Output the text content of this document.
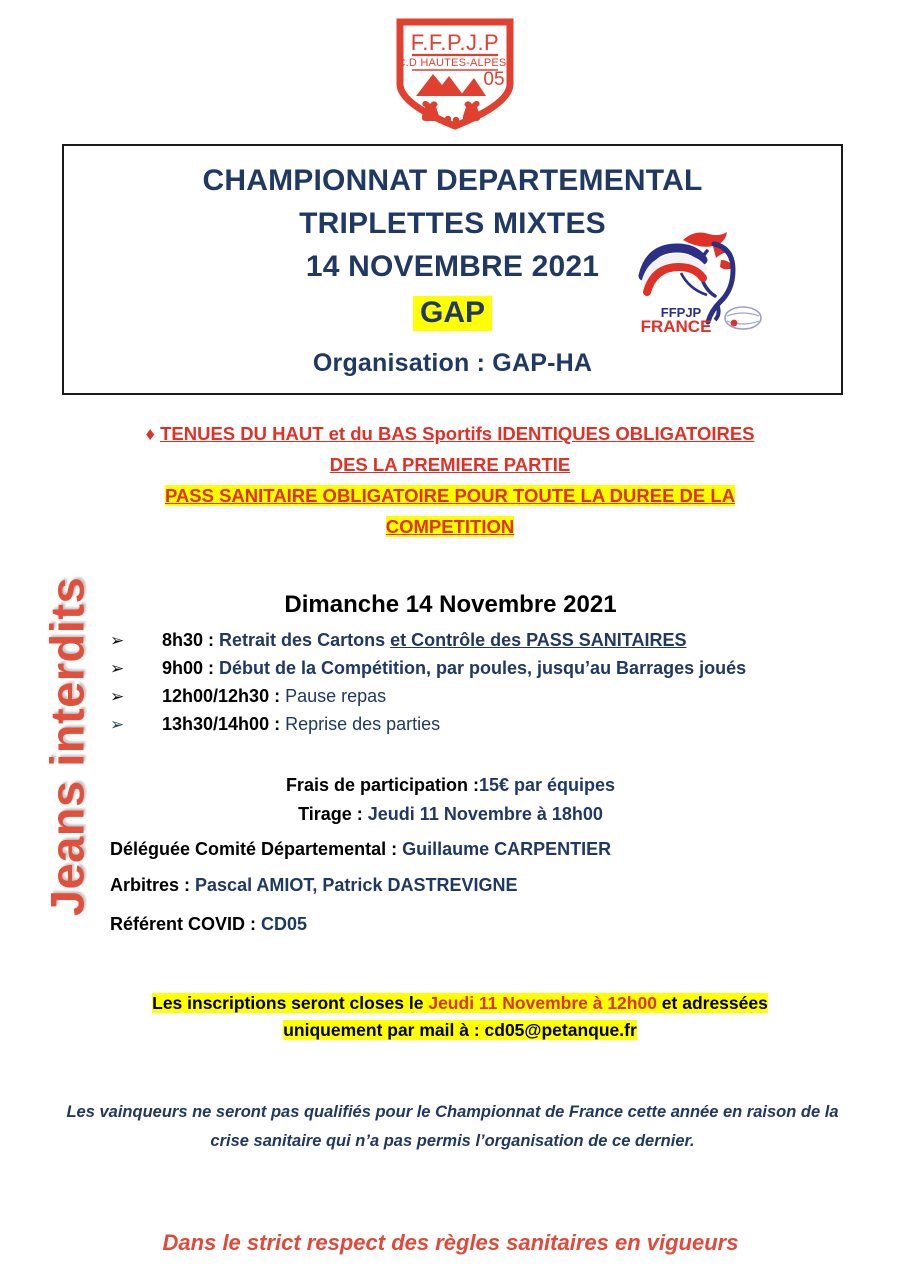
F.F.P.J.P
C.D HAUTES-ALPES
05
CHAMPIONNAT DEPARTEMENTAL
TRIPLETTES MIXTES
14 NOVEMBRE 2021
GAP
Organisation : GAP-HA
FFPJP
FRANCE
♦ TENUES DU HAUT et du BAS Sportifs IDENTIQUES OBLIGATOIRES
DES LA PREMIERE PARTIE
PASS SANITAIRE OBLIGATOIRE POUR TOUTE LA DUREE DE LA
COMPETITION
Jeans interdits	Dimanche 14 Novembre 2021
➢	8h30 : Retrait des Cartons et Contrôle des PASS SANITAIRES
➢	9h00 : Début de la Compétition, par poules, jusqu’au Barrages joués
➢	12h00/12h30 : Pause repas
➢	13h30/14h00 : Reprise des parties
Frais de participation :15€ par équipes
Tirage : Jeudi 11 Novembre à 18h00
Déléguée Comité Départemental : Guillaume CARPENTIER
Arbitres : Pascal AMIOT, Patrick DASTREVIGNE
Référent COVID : CD05
Les inscriptions seront closes le Jeudi 11 Novembre à 12h00 et adressées
uniquement par mail à : cd05@petanque.fr
Les vainqueurs ne seront pas qualifiés pour le Championnat de France cette année en raison de la
crise sanitaire qui n’a pas permis l’organisation de ce dernier.
Dans le strict respect des règles sanitaires en vigueurs
